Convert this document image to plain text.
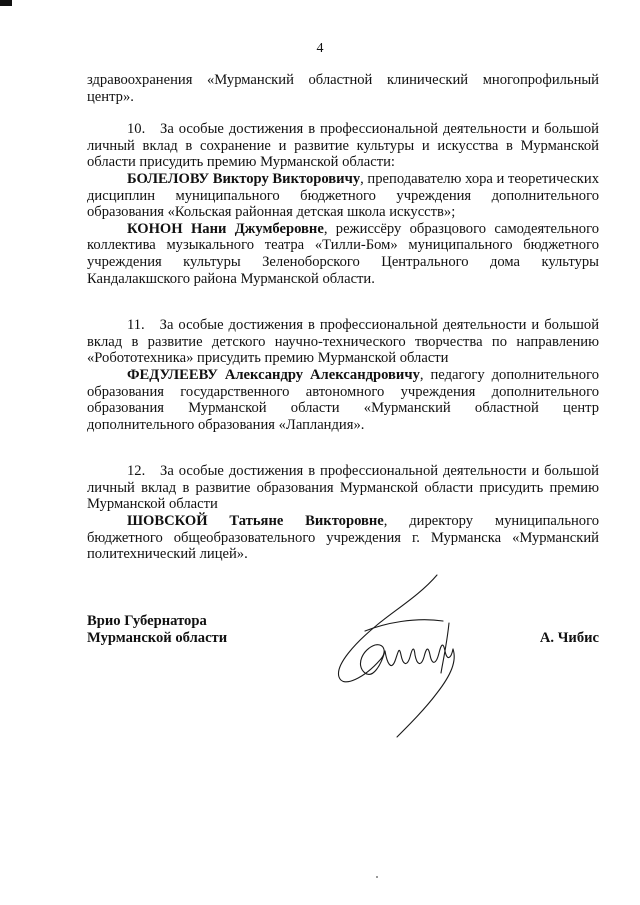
4

здравоохранения «Мурманский областной клинический многопрофильный центр».

10.   За особые достижения в профессиональной деятельности и большой личный вклад в сохранение и развитие культуры и искусства в Мурманской области присудить премию Мурманской области:

БОЛЕЛОВУ Виктору Викторовичу, преподавателю хора и теоретических дисциплин муниципального бюджетного учреждения дополнительного образования «Кольская районная детская школа искусств»;

КОНОН Нани Джумберовне, режиссёру образцового самодеятельного коллектива музыкального театра «Тилли-Бом» муниципального бюджетного учреждения культуры Зеленоборского Центрального дома культуры Кандалакшского района Мурманской области.

11.   За особые достижения в профессиональной деятельности и большой вклад в развитие детского научно-технического творчества по направлению «Робототехника» присудить премию Мурманской области

ФЕДУЛЕЕВУ Александру Александровичу, педагогу дополнительного образования государственного автономного учреждения дополнительного образования Мурманской области «Мурманский областной центр дополнительного образования «Лапландия».

12.   За особые достижения в профессиональной деятельности и большой личный вклад в развитие образования Мурманской области присудить премию Мурманской области

ШОВСКОЙ Татьяне Викторовне, директору муниципального бюджетного общеобразовательного учреждения г. Мурманска «Мурманский политехнический лицей».

Врио Губернатора
Мурманской области	А. Чибис
